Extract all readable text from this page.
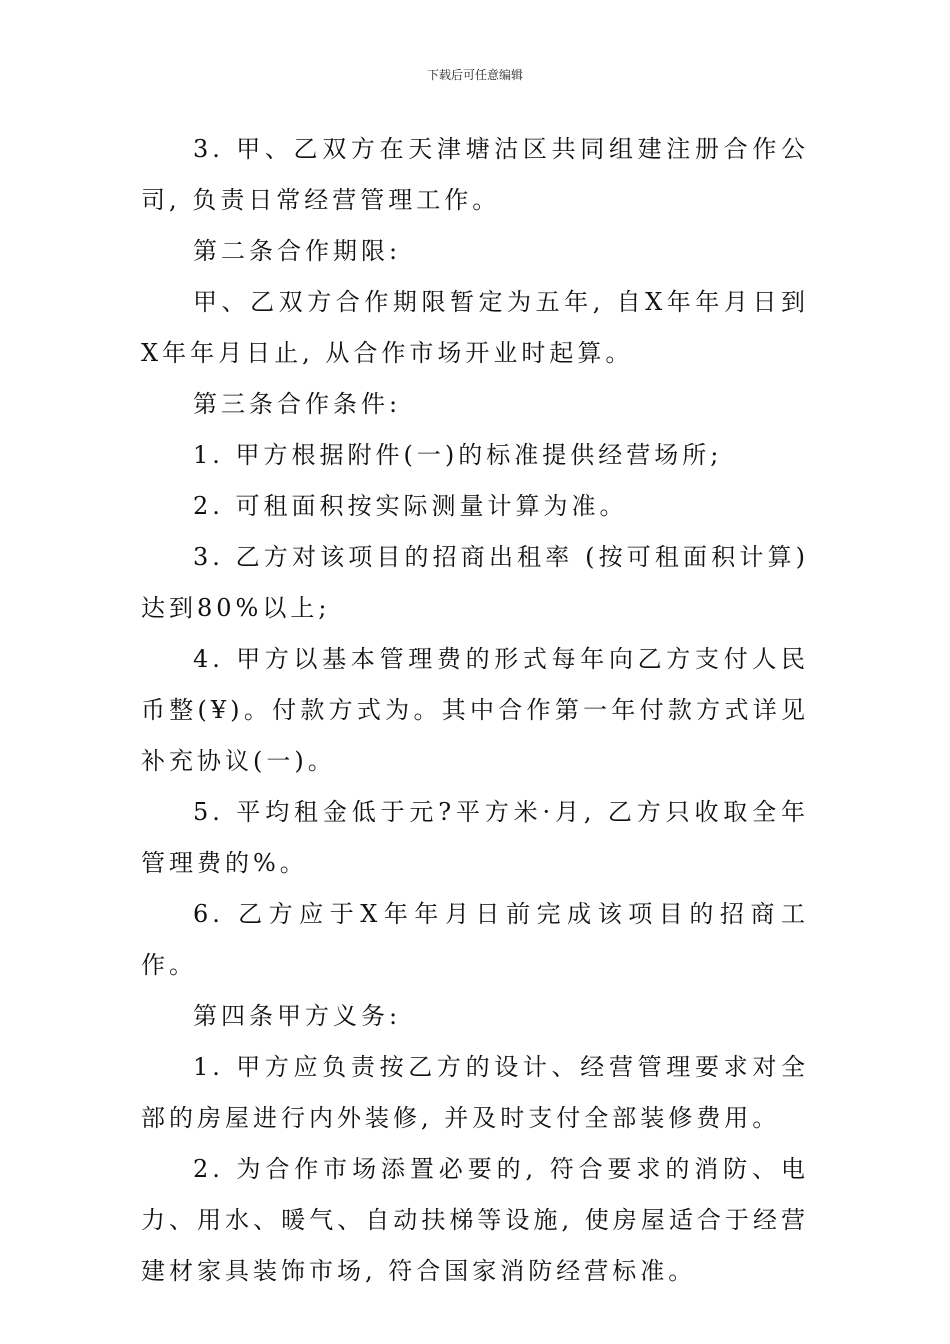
下载后可任意编辑

3. 甲、乙双方在天津塘沽区共同组建注册合作公司, 负责日常经营管理工作。

第二条合作期限:

甲、乙双方合作期限暂定为五年, 自X年年月日到X年年月日止, 从合作市场开业时起算。

第三条合作条件:

1. 甲方根据附件(一)的标准提供经营场所;

2. 可租面积按实际测量计算为准。

3. 乙方对该项目的招商出租率 (按可租面积计算) 达到80%以上;

4. 甲方以基本管理费的形式每年向乙方支付人民币整(¥)。付款方式为。其中合作第一年付款方式详见补充协议(一)。

5. 平均租金低于元?平方米·月, 乙方只收取全年管理费的%。

6. 乙方应于X年年月日前完成该项目的招商工作。

第四条甲方义务:

1. 甲方应负责按乙方的设计、经营管理要求对全部的房屋进行内外装修, 并及时支付全部装修费用。

2. 为合作市场添置必要的, 符合要求的消防、电力、用水、暖气、自动扶梯等设施, 使房屋适合于经营建材家具装饰市场, 符合国家消防经营标准。
